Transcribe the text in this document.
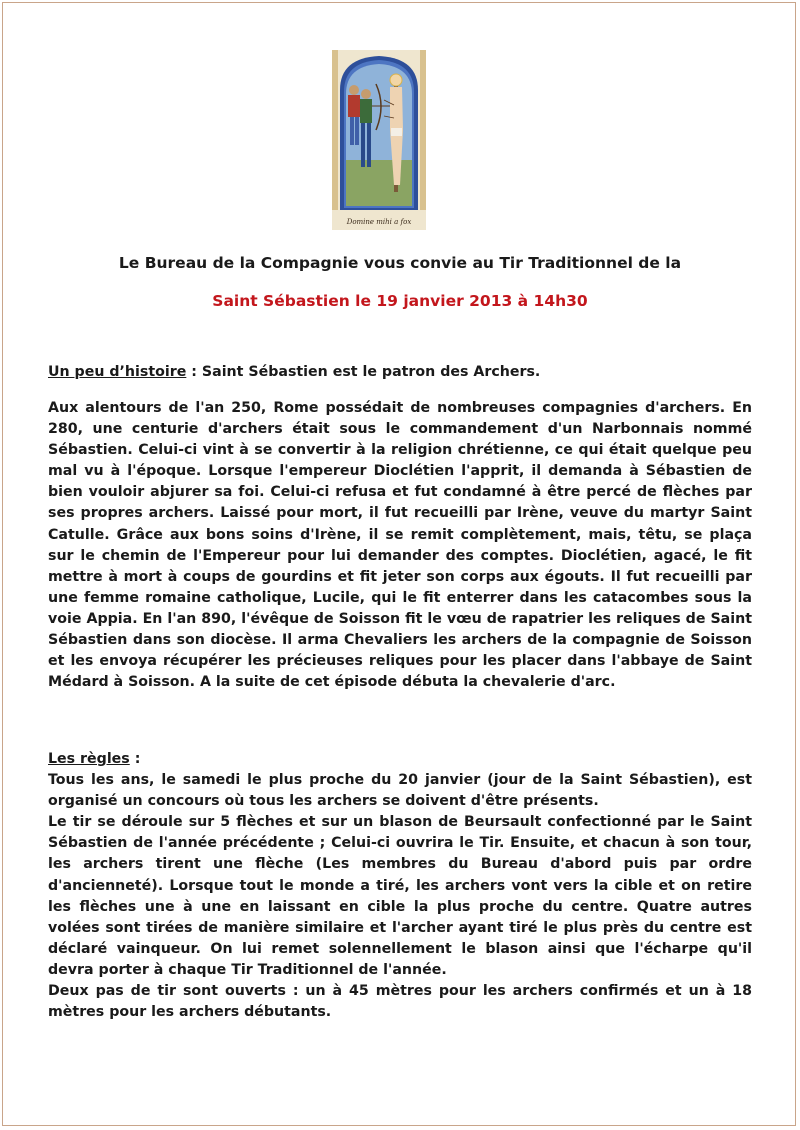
Domine mihi a fox
Le Bureau de la Compagnie vous convie au Tir Traditionnel de la
Saint Sébastien le 19 janvier 2013 à 14h30
Un peu d’histoire : Saint Sébastien est le patron des Archers.

Aux alentours de l'an 250, Rome possédait de nombreuses compagnies d'archers. En 280, une centurie d'archers était sous le commandement d'un Narbonnais nommé Sébastien. Celui-ci vint à se convertir à la religion chrétienne, ce qui était quelque peu mal vu à l'époque. Lorsque l'empereur Dioclétien l'apprit, il demanda à Sébastien de bien vouloir abjurer sa foi. Celui-ci refusa et fut condamné à être percé de flèches par ses propres archers. Laissé pour mort, il fut recueilli par Irène, veuve du martyr Saint Catulle. Grâce aux bons soins d'Irène, il se remit complètement, mais, têtu, se plaça sur le chemin de l'Empereur pour lui demander des comptes. Dioclétien, agacé, le fit mettre à mort à coups de gourdins et fit jeter son corps aux égouts. Il fut recueilli par une femme romaine catholique, Lucile, qui le fit enterrer dans les catacombes sous la voie Appia. En l'an 890, l'évêque de Soisson fit le vœu de rapatrier les reliques de Saint Sébastien dans son diocèse. Il arma Chevaliers les archers de la compagnie de Soisson et les envoya récupérer les précieuses reliques pour les placer dans l'abbaye de Saint Médard à Soisson. A la suite de cet épisode débuta la chevalerie d'arc.

Les règles :

Tous les ans, le samedi le plus proche du 20 janvier (jour de la Saint Sébastien), est organisé un concours où tous les archers se doivent d'être présents.

Le tir se déroule sur 5 flèches et sur un blason de Beursault confectionné par le Saint Sébastien de l'année précédente ; Celui-ci ouvrira le Tir. Ensuite, et chacun à son tour, les archers tirent une flèche (Les membres du Bureau d'abord puis par ordre d'ancienneté). Lorsque tout le monde a tiré, les archers vont vers la cible et on retire les flèches une à une en laissant en cible la plus proche du centre. Quatre autres volées sont tirées de manière similaire et l'archer ayant tiré le plus près du centre est déclaré vainqueur. On lui remet solennellement le blason ainsi que l'écharpe qu'il devra porter à chaque Tir Traditionnel de l'année.

Deux pas de tir sont ouverts : un à 45 mètres pour les archers confirmés et un à 18 mètres pour les archers débutants.
